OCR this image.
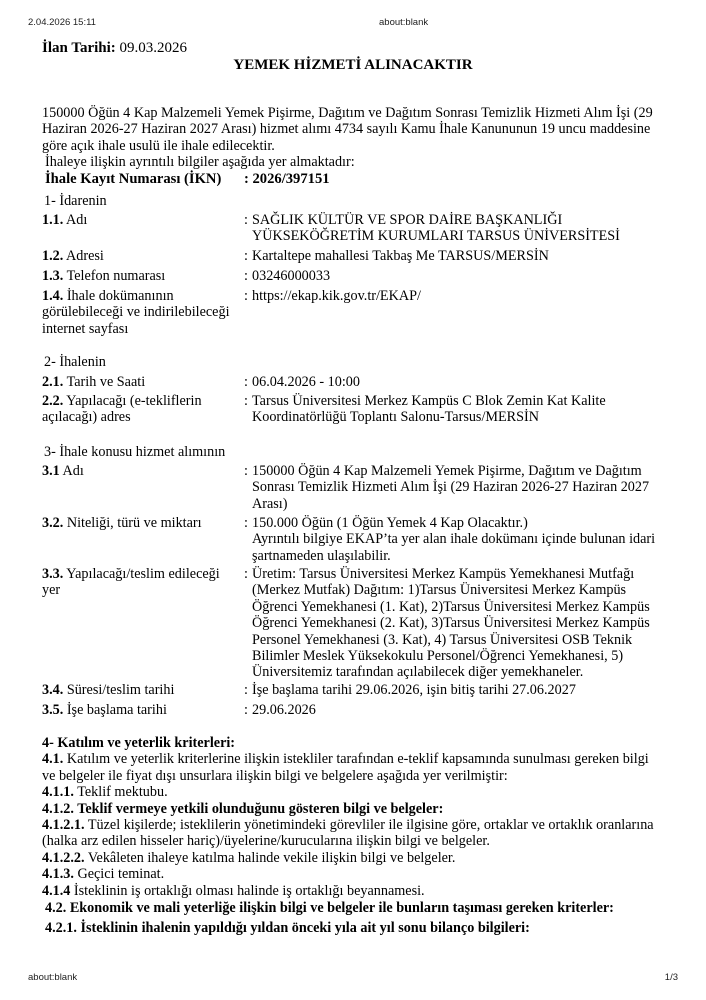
2.04.2026 15:11	about:blank
İlan Tarihi: 09.03.2026
YEMEK HİZMETİ ALINACAKTIR
150000 Öğün 4 Kap Malzemeli Yemek Pişirme, Dağıtım ve Dağıtım Sonrası Temizlik Hizmeti Alım İşi (29
Haziran 2026-27 Haziran 2027 Arası) hizmet alımı 4734 sayılı Kamu İhale Kanununun 19 uncu maddesine
göre açık ihale usulü ile ihale edilecektir.
İhaleye ilişkin ayrıntılı bilgiler aşağıda yer almaktadır:
İhale Kayıt Numarası (İKN)	: 2026/397151
1- İdarenin
2- İhalenin
3- İhale konusu hizmet alımının
1.1. Adı	: SAĞLIK KÜLTÜR VE SPOR DAİRE BAŞKANLIĞI
YÜKSEKÖĞRETİM KURUMLARI TARSUS ÜNİVERSİTESİ
1.2. Adresi	: Kartaltepe mahallesi Takbaş Me TARSUS/MERSİN
1.3. Telefon numarası	: 03246000033
1.4. İhale dokümanının görülebileceği ve indirilebileceği internet sayfası
: https://ekap.kik.gov.tr/EKAP/
2.1. Tarih ve Saati	: 06.04.2026 - 10:00
2.2. Yapılacağı (e-tekliflerin açılacağı) adres
: Tarsus Üniversitesi Merkez Kampüs C Blok Zemin Kat Kalite
Koordinatörlüğü Toplantı Salonu-Tarsus/MERSİN
3.1 Adı	: 150000 Öğün 4 Kap Malzemeli Yemek Pişirme, Dağıtım ve Dağıtım
Sonrası Temizlik Hizmeti Alım İşi (29 Haziran 2026-27 Haziran 2027
Arası)
3.2. Niteliği, türü ve miktarı	: 150.000 Öğün (1 Öğün Yemek 4 Kap Olacaktır.)
Ayrıntılı bilgiye EKAP’ta yer alan ihale dokümanı içinde bulunan idari
şartnameden ulaşılabilir.
3.3. Yapılacağı/teslim edileceği yer
: Üretim: Tarsus Üniversitesi Merkez Kampüs Yemekhanesi Mutfağı
(Merkez Mutfak) Dağıtım: 1)Tarsus Üniversitesi Merkez Kampüs
Öğrenci Yemekhanesi (1. Kat), 2)Tarsus Üniversitesi Merkez Kampüs
Öğrenci Yemekhanesi (2. Kat), 3)Tarsus Üniversitesi Merkez Kampüs
Personel Yemekhanesi (3. Kat), 4) Tarsus Üniversitesi OSB Teknik
Bilimler Meslek Yüksekokulu Personel/Öğrenci Yemekhanesi, 5)
Üniversitemiz tarafından açılabilecek diğer yemekhaneler.
3.4. Süresi/teslim tarihi	: İşe başlama tarihi 29.06.2026, işin bitiş tarihi 27.06.2027
3.5. İşe başlama tarihi	: 29.06.2026
4- Katılım ve yeterlik kriterleri:
4.1. Katılım ve yeterlik kriterlerine ilişkin istekliler tarafından e-teklif kapsamında sunulması gereken bilgi
ve belgeler ile fiyat dışı unsurlara ilişkin bilgi ve belgelere aşağıda yer verilmiştir:
4.1.1. Teklif mektubu.
4.1.2. Teklif vermeye yetkili olunduğunu gösteren bilgi ve belgeler:
4.1.2.1. Tüzel kişilerde; isteklilerin yönetimindeki görevliler ile ilgisine göre, ortaklar ve ortaklık oranlarına
(halka arz edilen hisseler hariç)/üyelerine/kurucularına ilişkin bilgi ve belgeler.
4.1.2.2. Vekâleten ihaleye katılma halinde vekile ilişkin bilgi ve belgeler.
4.1.3. Geçici teminat.
4.1.4 İsteklinin iş ortaklığı olması halinde iş ortaklığı beyannamesi.
4.2. Ekonomik ve mali yeterliğe ilişkin bilgi ve belgeler ile bunların taşıması gereken kriterler:
4.2.1. İsteklinin ihalenin yapıldığı yıldan önceki yıla ait yıl sonu bilanço bilgileri:
about:blank	1/3
